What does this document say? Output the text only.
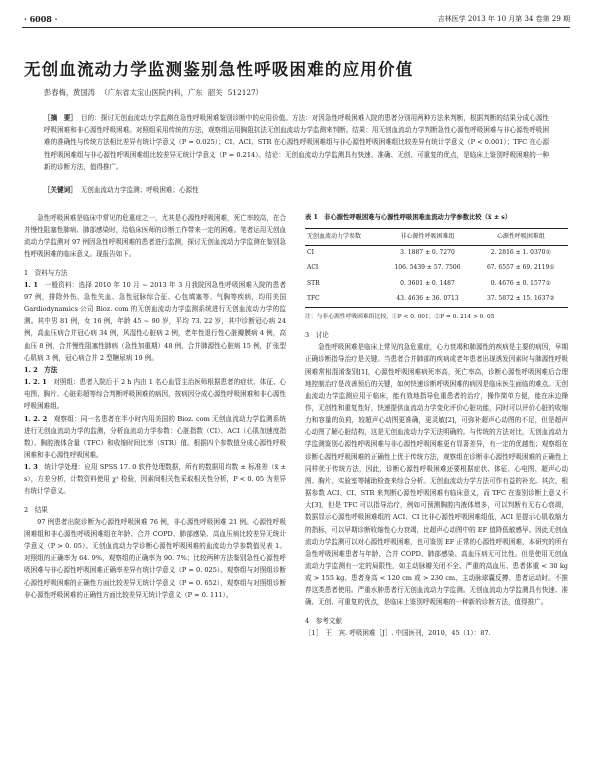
· 6008 ·	吉林医学 2013 年 10 月第 34 卷第 29 期
无创血流动力学监测鉴别急性呼吸困难的应用价值
彭春梅，黄国涛 （广东省太宝山医院内科，广东 韶关 512127）
［摘　要］ 目的：探讨无创血流动力学监测在急性呼吸困难鉴别诊断中的应用价值。方法：对因急性呼吸困难入院的患者分别用两种方法来判断，根据判断的结果分成心源性呼吸困难和非心源性呼吸困难。对照组采用传统的方法，观察组运用胸阻抗法无创血流动力学监测来判断。结果：用无创血流动力学判断急性心源性呼吸困难与非心源性呼吸困难的准确性与传统方法相比差异有统计学意义（P = 0.025）；CI、ACI、STR 在心源性呼吸困难组与非心源性呼吸困难组比较差异有统计学意义（P < 0.001）；TFC 在心源性呼吸困难组与非心源性呼吸困难组比较差异无统计学意义（P = 0.214）。结论：无创血流动力学监测具有快速、准确、无创、可重复的优点，是临床上鉴别呼吸困难的一种新的诊断方法，值得推广。
［关键词］ 无创血流动力学监测；呼吸困难；心源性

急性呼吸困难是临床中常见的危重症之一，尤其是心源性呼吸困难，死亡率较高，在合并慢性阻塞性肺病、肺部感染时，给临床医师的诊断工作带来一定的困难。笔者运用无创血流动力学监测对 97 例因急性呼吸困难的患者进行监测，探讨无创血流动力学监测在鉴别急性呼吸困难的临床意义。现报告如下。

1　资料与方法

1. 1  一般资料：选择 2010 年 10 月 ~ 2013 年 3 月我院因急性呼吸困难入院的患者 97 例，排除外伤、急性失血、急性冠脉综合征、心包填塞等、气胸等疾病，均用美国 Gardiodynamics 公司 Bioz. com 的无创血流动力学监测系统进行无创血流动力学的监测。其中男 81 例，女 16 例，年龄 45 ~ 90 岁，平均 73. 22 岁，其中诊断冠心病 24 例，高血压病合并冠心病 34 例，风湿性心脏病 2 例，老年性退行性心脏瓣膜病 4 例，高血压 8 例，合并慢性阻塞性肺病（急性加重期）48 例，合并肺源性心脏病 15 例，扩张型心肌病 3 例，冠心病合并 2 型糖尿病 19 例。

1. 2　方法

1. 2. 1  对照组：患者入院后于 2 h 内由 1 名心血管主治医师根据患者的症状、体征、心电图、胸片、心脏彩超等综合判断呼吸困难的病因，按病因分成心源性呼吸困难和非心源性呼吸困难组。

1. 2. 2  观察组：同一名患者在半小时内用美国的 Bioz. com 无创血流动力学监测系统进行无创血流动力学的监测，分析血流动力学参数：心脏指数（CI）、ACI（心肌加速度指数）、胸腔液体含量（TFC）和收缩时间比率（STR）值。根据四个参数值分成心源性呼吸困难和非心源性呼吸困难。

1. 3  统计学处理：应用 SPSS 17. 0 软件处理数据，所有的数据用均数 ± 标准差（x̄ ± s），方差分析，计数资料使用 χ² 检验，因素间相关性采取相关性分析，P < 0. 05 为差异有统计学意义。

2　结果

97 例患者出院诊断为心源性呼吸困难 76 例，非心源性呼吸困难 21 例。心源性呼吸困难组和非心源性呼吸困难组在年龄、合并 COPD、肺部感染、高血压病比较差异无统计学意义（P > 0. 05）。无创血流动力学诊断心源性呼吸困难的血流动力学参数值见表 1。对照组的正确率为 64. 9%，观察组的正确率为 90. 7%；比较两种方法鉴别急性心源性呼吸困难与非心源性呼吸困难正确率差异有统计学意义（P = 0. 025）。观察组与对照组诊断心源性呼吸困难的正确性方面比较差异无统计学意义（P = 0. 652），观察组与对照组诊断非心源性呼吸困难的正确性方面比较差异无统计学意义（P = 0. 111）。

表 1　非心源性呼吸困难与心源性呼吸困难血流动力学参数比较（x̄ ± s）
无创血流动力学参数	非心源性呼吸困难组	心源性呼吸困难组
CI	3. 1887 ± 0. 7270	2. 2816 ± 1. 0370①
ACI	106. 5439 ± 57. 7506	67. 6557 ± 69. 2119①
STR	0. 3601 ± 0. 1487	0. 4676 ± 0. 1577①
TFC	43. 4636 ± 36. 0713	37. 5872 ± 15. 1637②
注：与非心源性呼吸困难组比较，①P < 0. 001；②P = 0. 214 > 0. 05

3　讨论

急性呼吸困难是临床上常见的急危重症，心力衰竭和肺源性的疾病是主要的病因，早期正确诊断指导治疗是关键。当患者合并肺部的疾病或老年患者出现诱发因素时与肺源性呼吸困难常相混淆鉴别[1]，心源性呼吸困难病死率高，死亡率高，诊断心源性呼吸困难后合理地控制治疗是改善预后的关键，如何快速诊断呼吸困难的病因是临床医生面临的难点。无创血流动力学监测应用于临床，能有效地指导危重患者的治疗，操作简单方便，能在床边操作，无创性和重复性好，快速提供血流动力学变化评价心脏功能，同时可以评价心脏的收缩力和容量的负荷，较超声心动图更准确，更灵敏[2]，可弥补超声心动图的不足，但是超声心动图了解心脏结构，这是无创血流动力学无法明确的。与传统的方法对比，无创血流动力学监测鉴别心源性呼吸困难与非心源性呼吸困难更有显著差异，有一定的优越性；观察组在诊断心源性呼吸困难的正确性上优于传统方法，观察组在诊断非心源性呼吸困难的正确性上同样优于传统方法，因此，诊断心源性呼吸困难还要根据症状、体征、心电图、超声心动图、胸片、实验室等辅助检查来综合分析。无创血流动力学方法可作有益的补充。其次，根据参数 ACI、CI、STR 来判断心源性呼吸困难有临床意义，而 TFC 在鉴别诊断上意义不大[3]，但是 TFC 可以指导治疗，例如可预测胸腔内液体增多，可以判断有无右心衰竭，数据显示心源性呼吸困难组的 ACI、CI 比非心源性呼吸困难组低，ACI 是提示心肌收缩力的指标，可以早期诊断收缩性心力衰竭，比超声心动图中的 EF 值降低敏感早。因此无创血流动力学监测可以对心源性呼吸困难，也可鉴别 EF 正常的心源性呼吸困难，本研究的所有急性呼吸困难患者与年龄、合并 COPD、肺部感染、高血压病无可比性。但是使用无创血流动力学监测有一定的局限性，如主动脉瓣关闭不全、严重的高血压、患者体重 < 30 kg 或 > 155 kg、患者身高 < 120 cm 或 > 230 cm、主动脉球囊反搏、患者运动时。不推荐这类患者使用。严重水肿患者行无创血流动力学监测。无创血流动力学监测具有快速、准确、无创、可重复的优点，是临床上鉴别呼吸困难的一种新的诊断方法，值得推广。

4　参考文献

［1］　王　宾. 呼吸困难［J］. 中国医刊，2010，45（1）：87.
